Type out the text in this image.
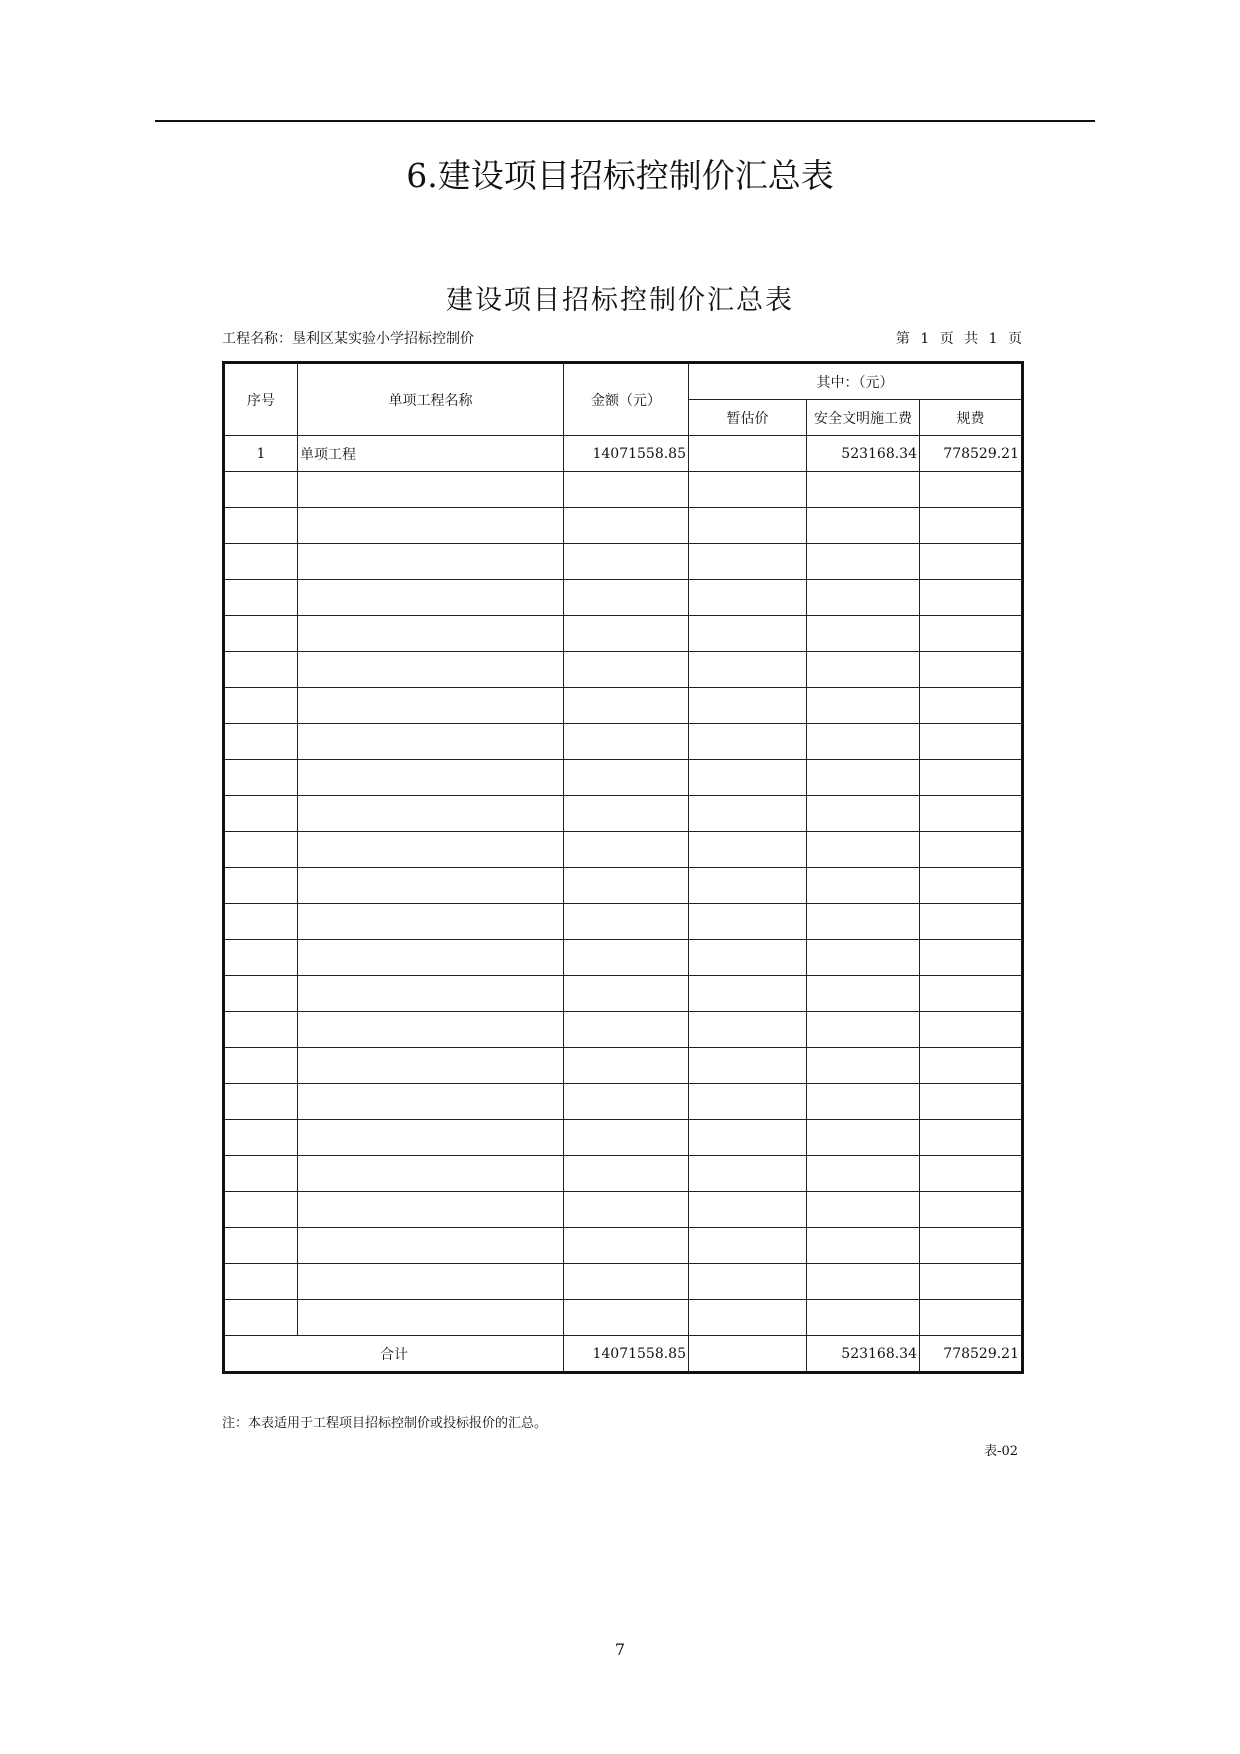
6.建设项目招标控制价汇总表
建设项目招标控制价汇总表
工程名称：垦利区某实验小学招标控制价	第 1 页 共 1 页
序号	单项工程名称	金额（元）	其中：（元）		
			暂估价	安全文明施工费	规费
1	单项工程	14071558.85		523168.34	778529.21

合计		14071558.85		523168.34	778529.21
注：本表适用于工程项目招标控制价或投标报价的汇总。
表-02
7
